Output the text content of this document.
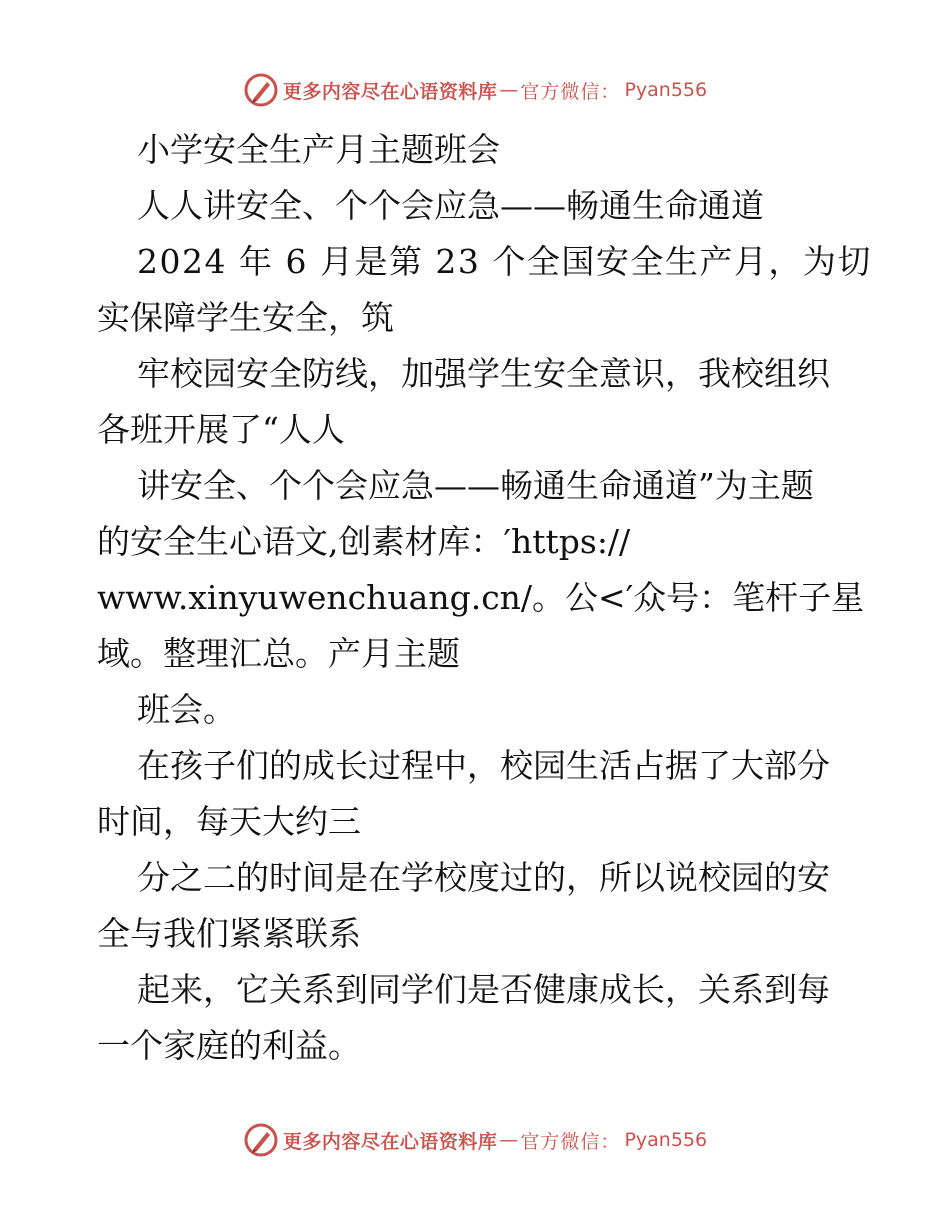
更多内容尽在心语资料库 — 官方微信： Pyan556
小学安全生产月主题班会
人人讲安全、个个会应急——畅通生命通道
2024 年 6 月是第 23 个全国安全生产月，为切
实保障学生安全，筑
牢校园安全防线，加强学生安全意识，我校组织
各班开展了“人人
讲安全、个个会应急——畅通生命通道”为主题
的安全生心语文,创素材库：′https://
www.xinyuwenchuang.cn/。公<′众号：笔杆子星
域。整理汇总。产月主题
班会。
在孩子们的成长过程中，校园生活占据了大部分
时间，每天大约三
分之二的时间是在学校度过的，所以说校园的安
全与我们紧紧联系
起来，它关系到同学们是否健康成长，关系到每
一个家庭的利益。
更多内容尽在心语资料库 — 官方微信： Pyan556
